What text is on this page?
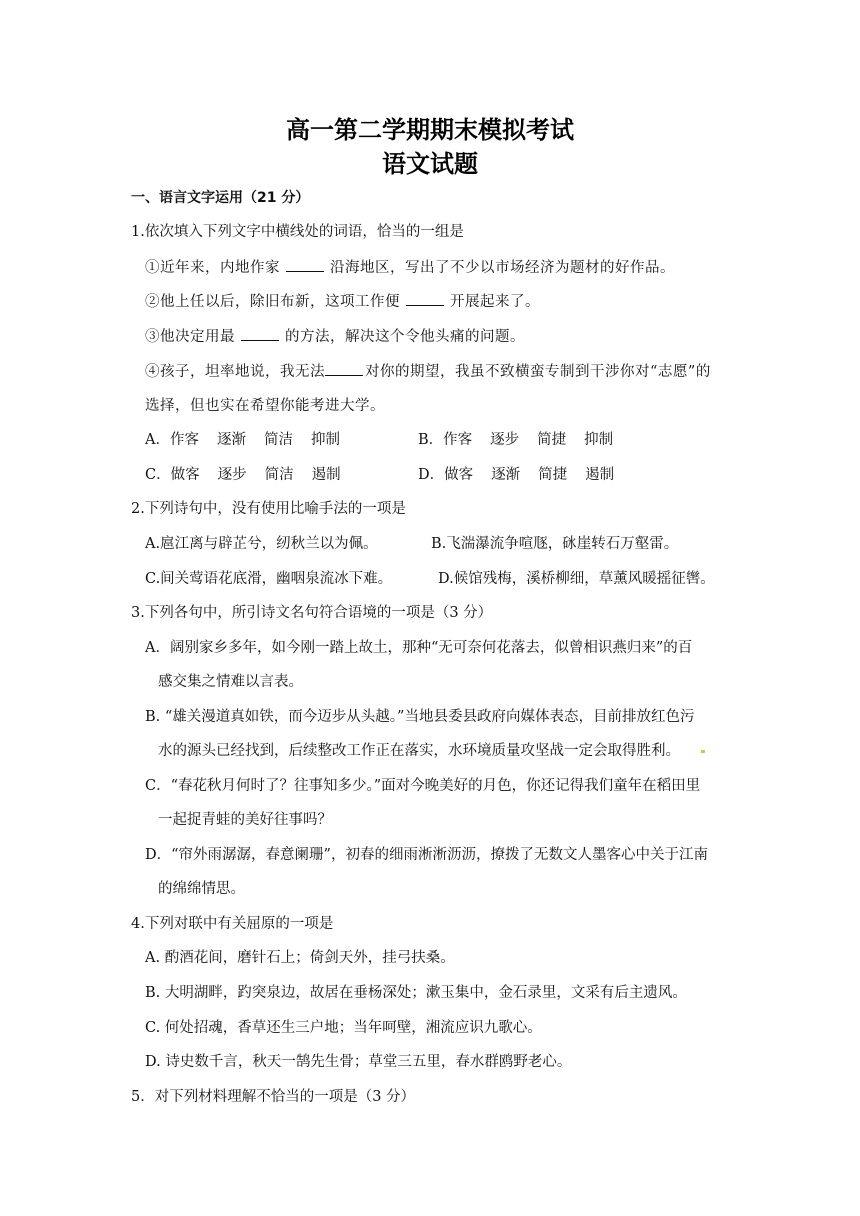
高一第二学期期末模拟考试
语文试题
一、语言文字运用（21 分）
1.依次填入下列文字中横线处的词语，恰当的一组是
①近年来，内地作家	沿海地区，写出了不少以市场经济为题材的好作品。
②他上任以后，除旧布新，这项工作便	开展起来了。
③他决定用最	的方法，解决这个令他头痛的问题。
④孩子，坦率地说，我无法	对你的期望，我虽不致横蛮专制到干涉你对“志愿”的
选择，但也实在希望你能考进大学。
A．作客 逐渐 简洁 抑制	B．作客 逐步 简捷 抑制
C．做客 逐步 简洁 遏制	D．做客 逐渐 简捷 遏制
2.下列诗句中，没有使用比喻手法的一项是
A.扈江离与辟芷兮，纫秋兰以为佩。	B.飞湍瀑流争喧豗，砯崖转石万壑雷。
C.间关莺语花底滑，幽咽泉流冰下难。	D.候馆残梅，溪桥柳细，草薰风暖摇征辔。
3.下列各句中，所引诗文名句符合语境的一项是（3 分）
A．阔别家乡多年，如今刚一踏上故土，那种“无可奈何花落去，似曾相识燕归来”的百
感交集之情难以言表。
B. “雄关漫道真如铁，而今迈步从头越。”当地县委县政府向媒体表态，目前排放红色污
水的源头已经找到，后续整改工作正在落实，水环境质量攻坚战一定会取得胜利。
C．“春花秋月何时了？往事知多少。”面对今晚美好的月色，你还记得我们童年在稻田里
一起捉青蛙的美好往事吗？
D．“帘外雨潺潺，春意阑珊”，初春的细雨淅淅沥沥，撩拨了无数文人墨客心中关于江南
的绵绵情思。
4.下列对联中有关屈原的一项是
A. 酌酒花间，磨针石上；倚剑天外，挂弓扶桑。
B. 大明湖畔，趵突泉边，故居在垂杨深处；漱玉集中，金石录里，文采有后主遗风。
C. 何处招魂，香草还生三户地；当年呵壁，湘流应识九歌心。
D. 诗史数千言，秋天一鹄先生骨；草堂三五里，春水群鸥野老心。
5．对下列材料理解不恰当的一项是（3 分）
